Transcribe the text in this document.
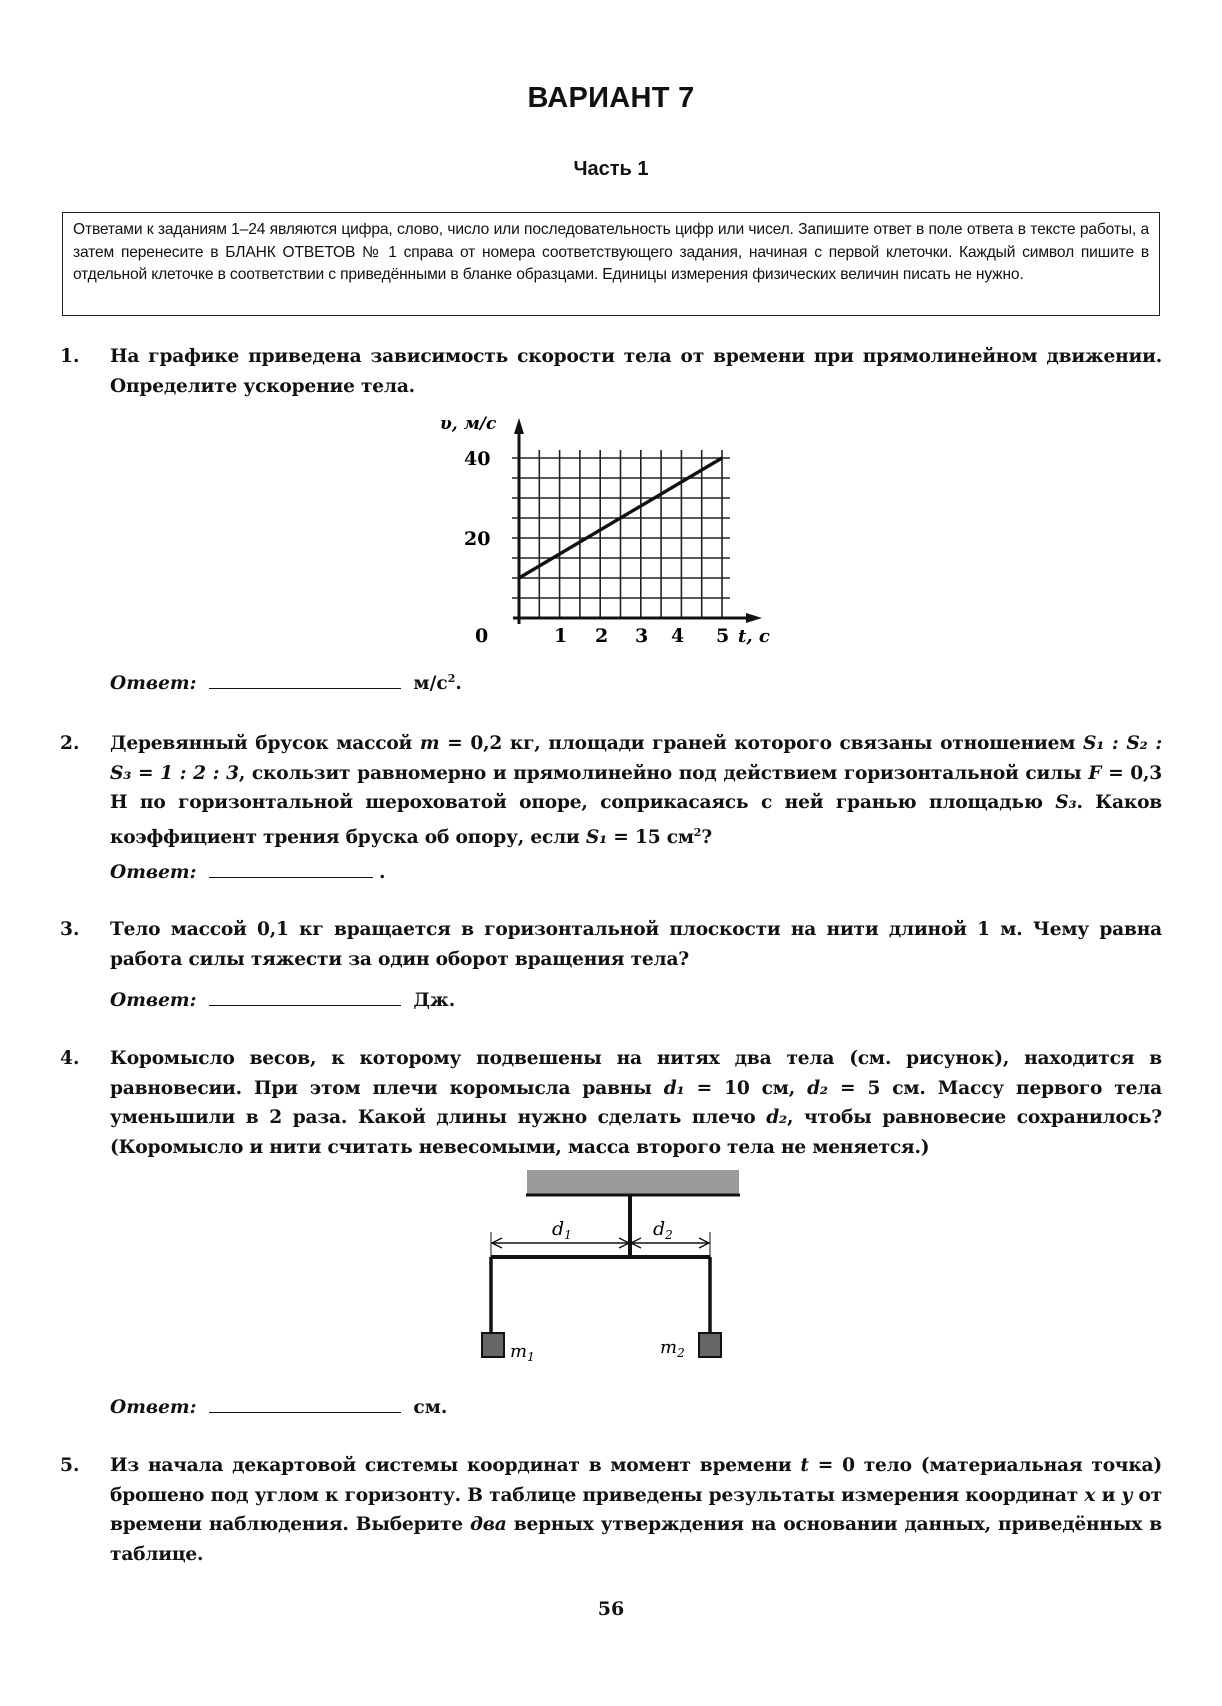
ВАРИАНТ 7
Часть 1

Ответами к заданиям 1–24 являются цифра, слово, число или последовательность цифр или чисел. Запишите ответ в поле ответа в тексте работы, а затем перенесите в БЛАНК ОТВЕТОВ № 1 справа от номера соответствующего задания, начиная с первой клеточки. Каждый символ пишите в отдельной клеточке в соответствии с приведёнными в бланке образцами. Единицы измерения физических величин писать не нужно.

1. На графике приведена зависимость скорости тела от времени при прямолинейном движении. Определите ускорение тела.
υ, м/с
40
20
0	1 2 3 4 5 t, с
Ответ:	$м/с^2$.
2. Деревянный брусок массой m = 0,2 кг, площади граней которого связаны отношением S₁ : S₂ : S₃ = 1 : 2 : 3, скользит равномерно и прямолинейно под действием горизонтальной силы F = 0,3 Н по горизонтальной шероховатой опоре, соприкасаясь с ней гранью площадью S₃. Каков коэффициент трения бруска об опору, если S₁ = 15 $см^2$?
Ответ:	.
3. Тело массой 0,1 кг вращается в горизонтальной плоскости на нити длиной 1 м. Чему равна работа силы тяжести за один оборот вращения тела?
Ответ:	Дж.
4. Коромысло весов, к которому подвешены на нитях два тела (см. рисунок), находится в равновесии. При этом плечи коромысла равны d₁ = 10 см, d₂ = 5 см. Массу первого тела уменьшили в 2 раза. Какой длины нужно сделать плечо d₂, чтобы равновесие сохранилось? (Коромысло и нити считать невесомыми, масса второго тела не меняется.)
$d_1$	$d_2$
$m_1$	$m_2$
Ответ:	см.
5. Из начала декартовой системы координат в момент времени t = 0 тело (материальная точка) брошено под углом к горизонту. В таблице приведены результаты измерения координат x и y от времени наблюдения. Выберите два верных утверждения на основании данных, приведённых в таблице.
56
